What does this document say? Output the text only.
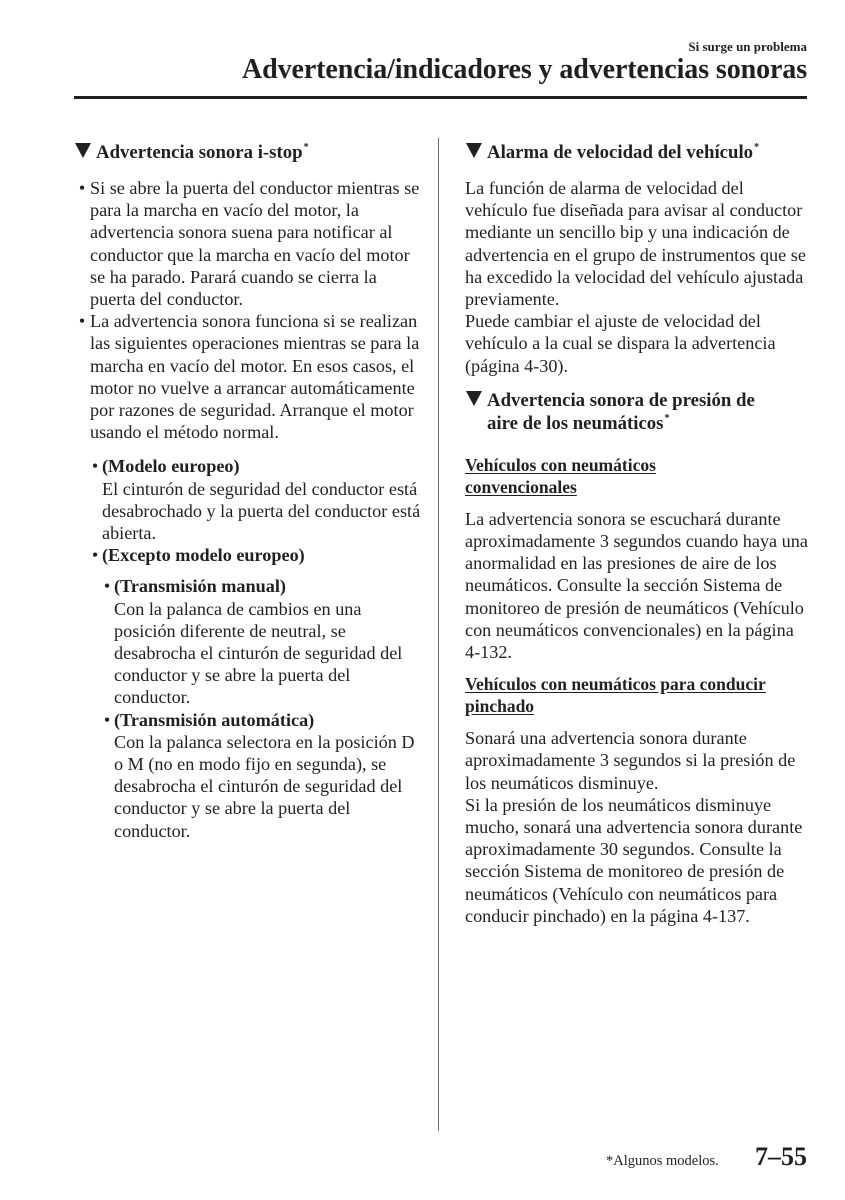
Si surge un problema
Advertencia/indicadores y advertencias sonoras
Advertencia sonora i-stop*
• Si se abre la puerta del conductor mientras se para la marcha en vacío del motor, la advertencia sonora suena para notificar al conductor que la marcha en vacío del motor se ha parado. Parará cuando se cierra la puerta del conductor.

• La advertencia sonora funciona si se realizan las siguientes operaciones mientras se para la marcha en vacío del motor. En esos casos, el motor no vuelve a arrancar automáticamente por razones de seguridad. Arranque el motor usando el método normal.

• (Modelo europeo)

El cinturón de seguridad del conductor está desabrochado y la puerta del conductor está abierta.

• (Excepto modelo europeo)
• (Transmisión manual)

Con la palanca de cambios en una posición diferente de neutral, se desabrocha el cinturón de seguridad del conductor y se abre la puerta del conductor.

• (Transmisión automática)

Con la palanca selectora en la posición D o M (no en modo fijo en segunda), se desabrocha el cinturón de seguridad del conductor y se abre la puerta del conductor.

Alarma de velocidad del vehículo*

La función de alarma de velocidad del vehículo fue diseñada para avisar al conductor mediante un sencillo bip y una indicación de advertencia en el grupo de instrumentos que se ha excedido la velocidad del vehículo ajustada previamente.

Puede cambiar el ajuste de velocidad del vehículo a la cual se dispara la advertencia (página 4-30).

Advertencia sonora de presión de
aire de los neumáticos*

Vehículos con neumáticos convencionales

La advertencia sonora se escuchará durante aproximadamente 3 segundos cuando haya una anormalidad en las presiones de aire de los neumáticos. Consulte la sección Sistema de monitoreo de presión de neumáticos (Vehículo con neumáticos convencionales) en la página 4-132.

Vehículos con neumáticos para conducir pinchado

Sonará una advertencia sonora durante aproximadamente 3 segundos si la presión de los neumáticos disminuye.

Si la presión de los neumáticos disminuye mucho, sonará una advertencia sonora durante aproximadamente 30 segundos. Consulte la sección Sistema de monitoreo de presión de neumáticos (Vehículo con neumáticos para conducir pinchado) en la página 4-137.

*Algunos modelos. 7–55
